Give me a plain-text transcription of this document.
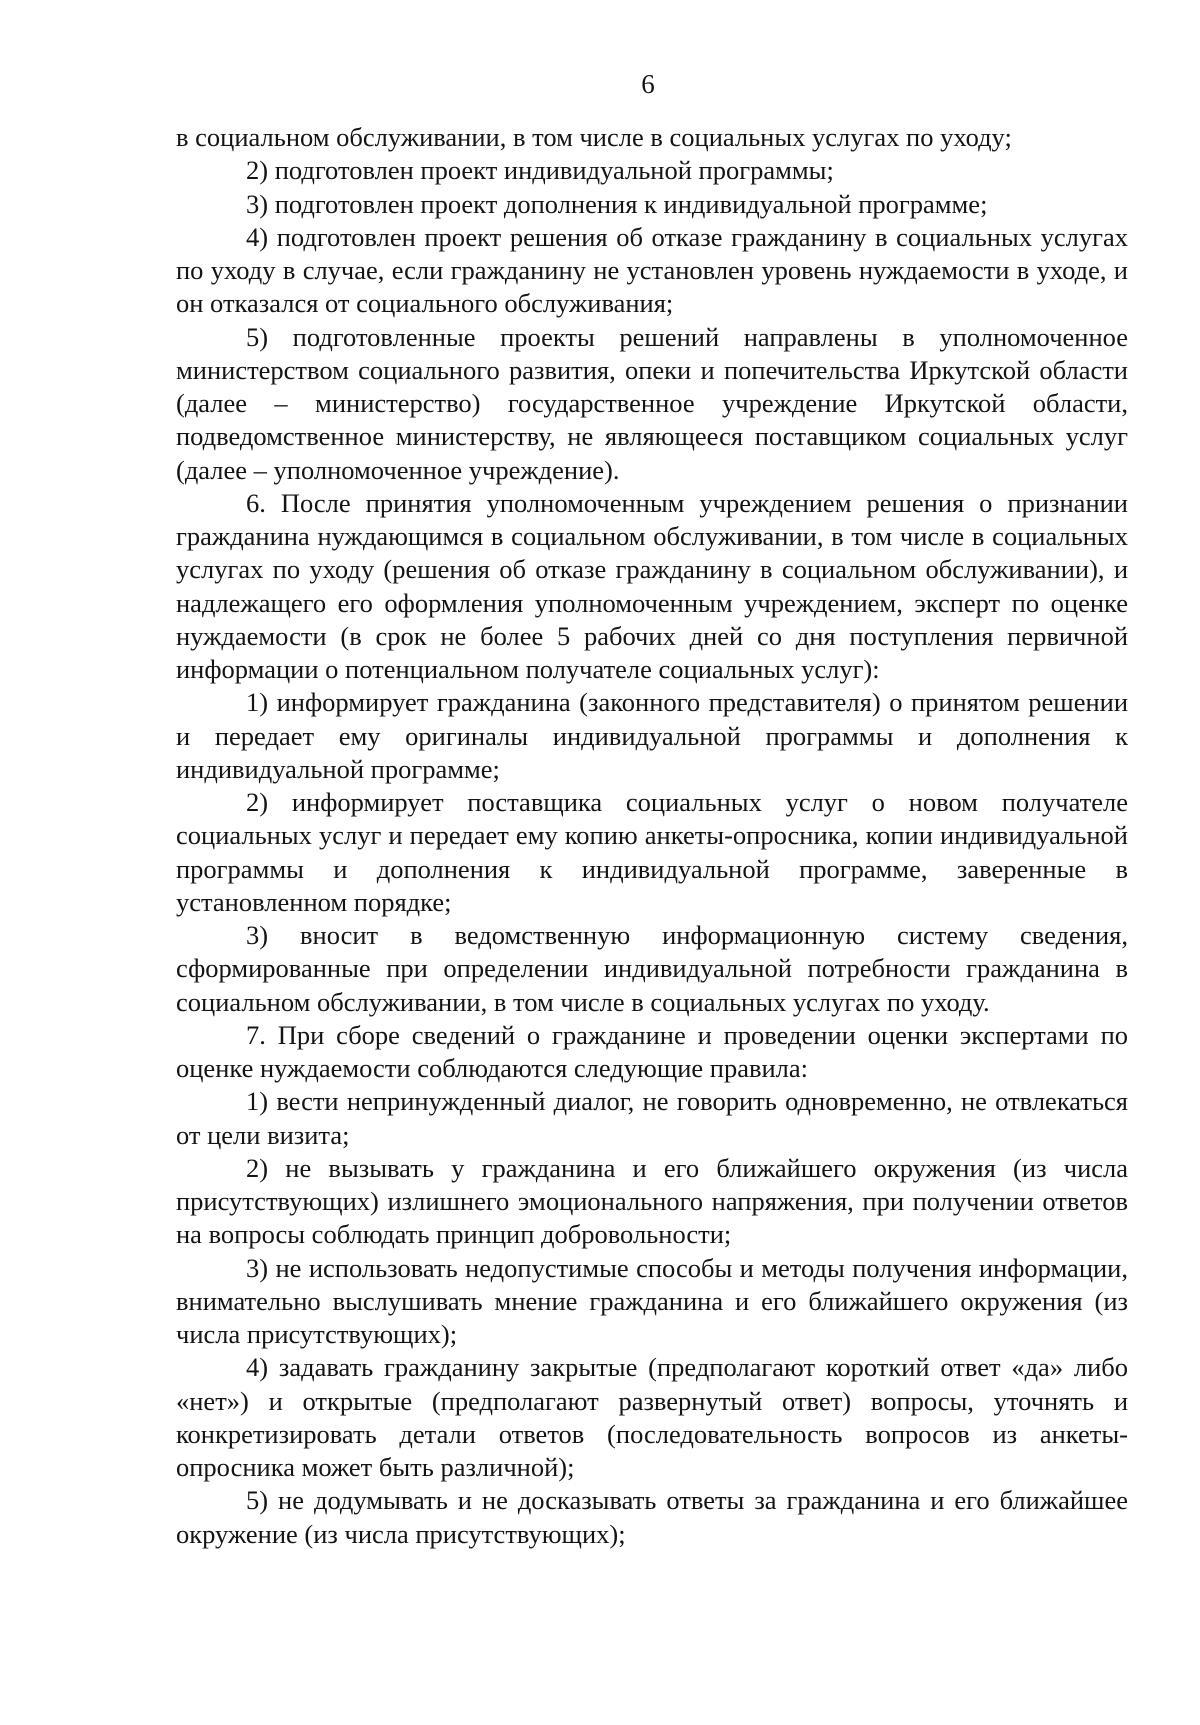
6

в социальном обслуживании, в том числе в социальных услугах по уходу;

2) подготовлен проект индивидуальной программы;

3) подготовлен проект дополнения к индивидуальной программе;

4) подготовлен проект решения об отказе гражданину в социальных услугах по уходу в случае, если гражданину не установлен уровень нуждаемости в уходе, и он отказался от социального обслуживания;

5) подготовленные проекты решений направлены в уполномоченное министерством социального развития, опеки и попечительства Иркутской области (далее – министерство) государственное учреждение Иркутской области, подведомственное министерству, не являющееся поставщиком социальных услуг (далее – уполномоченное учреждение).

6. После принятия уполномоченным учреждением решения о признании гражданина нуждающимся в социальном обслуживании, в том числе в социальных услугах по уходу (решения об отказе гражданину в социальном обслуживании), и надлежащего его оформления уполномоченным учреждением, эксперт по оценке нуждаемости (в срок не более 5 рабочих дней со дня поступления первичной информации о потенциальном получателе социальных услуг):

1) информирует гражданина (законного представителя) о принятом решении и передает ему оригиналы индивидуальной программы и дополнения к индивидуальной программе;

2) информирует поставщика социальных услуг о новом получателе социальных услуг и передает ему копию анкеты-опросника, копии индивидуальной программы и дополнения к индивидуальной программе, заверенные в установленном порядке;

3) вносит в ведомственную информационную систему сведения, сформированные при определении индивидуальной потребности гражданина в социальном обслуживании, в том числе в социальных услугах по уходу.

7. При сборе сведений о гражданине и проведении оценки экспертами по оценке нуждаемости соблюдаются следующие правила:

1) вести непринужденный диалог, не говорить одновременно, не отвлекаться от цели визита;

2) не вызывать у гражданина и его ближайшего окружения (из числа присутствующих) излишнего эмоционального напряжения, при получении ответов на вопросы соблюдать принцип добровольности;

3) не использовать недопустимые способы и методы получения информации, внимательно выслушивать мнение гражданина и его ближайшего окружения (из числа присутствующих);

4) задавать гражданину закрытые (предполагают короткий ответ «да» либо «нет») и открытые (предполагают развернутый ответ) вопросы, уточнять и конкретизировать детали ответов (последовательность вопросов из анкеты-опросника может быть различной);

5) не додумывать и не досказывать ответы за гражданина и его ближайшее окружение (из числа присутствующих);
